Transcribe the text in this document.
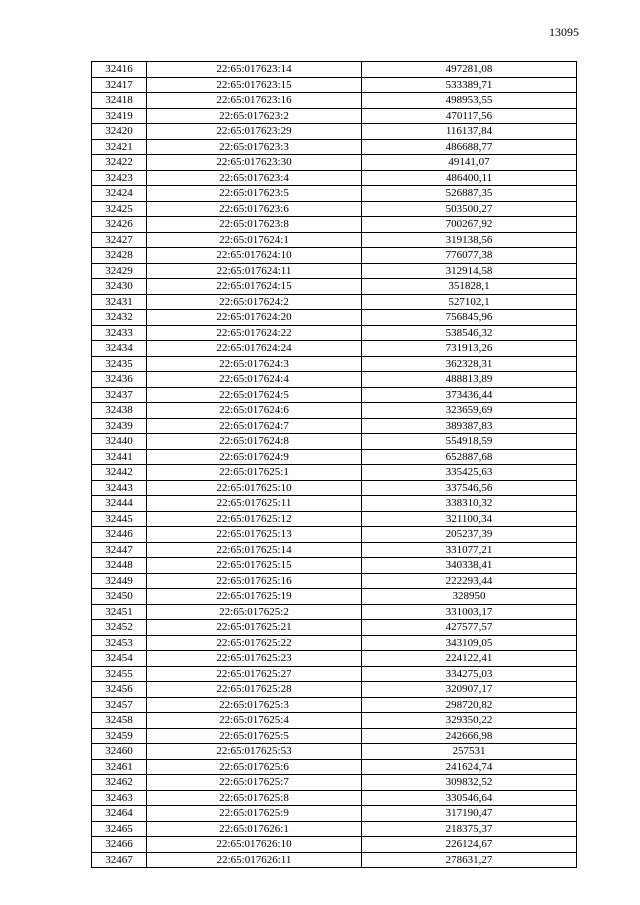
13095
32416	22:65:017623:14	497281,08
32417	22:65:017623:15	533389,71
32418	22:65:017623:16	498953,55
32419	22:65:017623:2	470117,56
32420	22:65:017623:29	116137,84
32421	22:65:017623:3	486688,77
32422	22:65:017623:30	49141,07
32423	22:65:017623:4	486400,11
32424	22:65:017623:5	526887,35
32425	22:65:017623:6	503500,27
32426	22:65:017623:8	700267,92
32427	22:65:017624:1	319138,56
32428	22:65:017624:10	776077,38
32429	22:65:017624:11	312914,58
32430	22:65:017624:15	351828,1
32431	22:65:017624:2	527102,1
32432	22:65:017624:20	756845,96
32433	22:65:017624:22	538546,32
32434	22:65:017624:24	731913,26
32435	22:65:017624:3	362328,31
32436	22:65:017624:4	488813,89
32437	22:65:017624:5	373436,44
32438	22:65:017624:6	323659,69
32439	22:65:017624:7	389387,83
32440	22:65:017624:8	554918,59
32441	22:65:017624:9	652887,68
32442	22:65:017625:1	335425,63
32443	22:65:017625:10	337546,56
32444	22:65:017625:11	338310,32
32445	22:65:017625:12	321100,34
32446	22:65:017625:13	205237,39
32447	22:65:017625:14	331077,21
32448	22:65:017625:15	340338,41
32449	22:65:017625:16	222293,44
32450	22:65:017625:19	328950
32451	22:65:017625:2	331003,17
32452	22:65:017625:21	427577,57
32453	22:65:017625:22	343109,05
32454	22:65:017625:23	224122,41
32455	22:65:017625:27	334275,03
32456	22:65:017625:28	320907,17
32457	22:65:017625:3	298720,82
32458	22:65:017625:4	329350,22
32459	22:65:017625:5	242666,98
32460	22:65:017625:53	257531
32461	22:65:017625:6	241624,74
32462	22:65:017625:7	309832,52
32463	22:65:017625:8	330546,64
32464	22:65:017625:9	317190,47
32465	22:65:017626:1	218375,37
32466	22:65:017626:10	226124,67
32467	22:65:017626:11	278631,27
